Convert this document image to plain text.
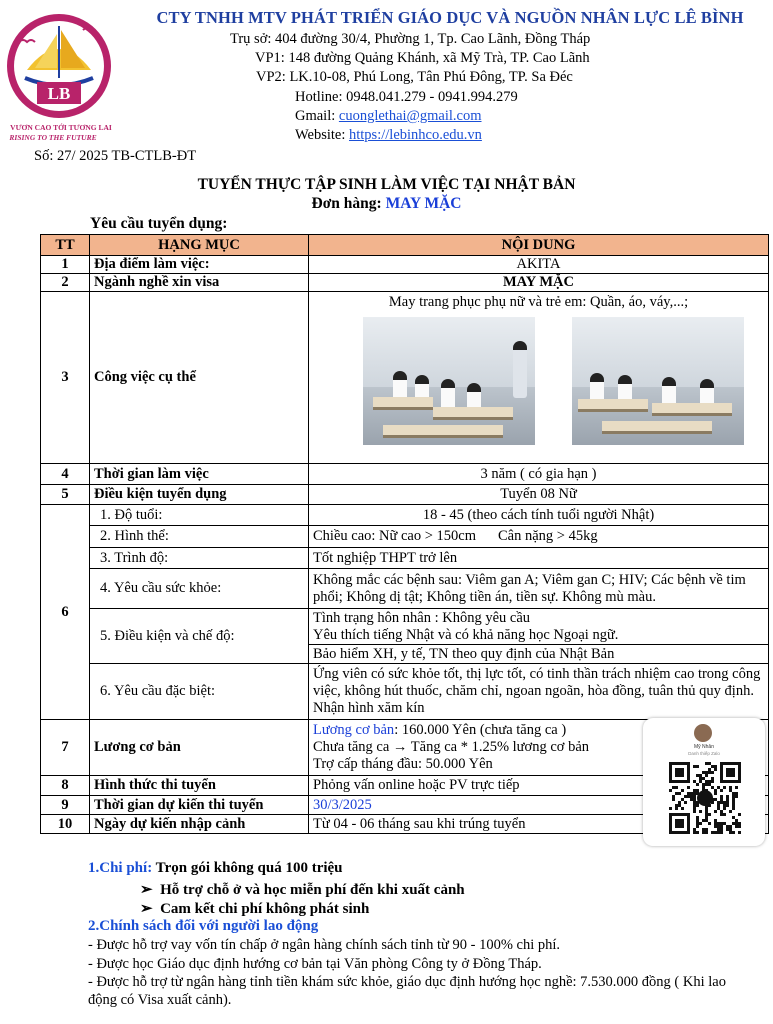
LB
VƯƠN CAO TỚI TƯƠNG LAI
RISING TO THE FUTURE
CTY TNHH MTV PHÁT TRIỂN GIÁO DỤC VÀ NGUỒN NHÂN LỰC LÊ BÌNH
Trụ sở: 404 đường 30/4, Phường 1, Tp. Cao Lãnh, Đồng Tháp
VP1: 148 đường Quảng Khánh, xã Mỹ Trà, TP. Cao Lãnh
VP2: LK.10-08, Phú Long, Tân Phú Đông, TP. Sa Đéc
Hotline: 0948.041.279 - 0941.994.279
Gmail: cuonglethai@gmail.com
Website: https://lebinhco.edu.vn
Số: 27/ 2025 TB-CTLB-ĐT
TUYỂN THỰC TẬP SINH LÀM VIỆC TẠI NHẬT BẢN
Đơn hàng: MAY MẶC
Yêu cầu tuyển dụng:
TT	HẠNG MỤC	NỘI DUNG
1	Địa điểm làm việc:	AKITA
2	Ngành nghề xin visa	MAY MẶC
3	Công việc cụ thể	May trang phục phụ nữ và trẻ em: Quần, áo, váy,...;

4	Thời gian làm việc	3 năm ( có gia hạn )
5	Điều kiện tuyển dụng	Tuyển 08 Nữ
6	1. Độ tuổi:	18 - 45 (theo cách tính tuổi người Nhật)
	2. Hình thể:	Chiều cao: Nữ cao > 150cm Cân nặng > 45kg
	3. Trình độ:	Tốt nghiệp THPT trở lên
	4. Yêu cầu sức khỏe:	Không mắc các bệnh sau: Viêm gan A; Viêm gan C; HIV; Các bệnh về tim phổi; Không dị tật; Không tiền án, tiền sự. Không mù màu.
	5. Điều kiện và chế độ:	Tình trạng hôn nhân : Không yêu cầu
Yêu thích tiếng Nhật và có khả năng học Ngoại ngữ.

		Bảo hiểm XH, y tế, TN theo quy định của Nhật Bản
	6. Yêu cầu đặc biệt:	Ứng viên có sức khỏe tốt, thị lực tốt, có tinh thần trách nhiệm cao trong công việc, không hút thuốc, chăm chỉ, ngoan ngoãn, hòa đồng, tuân thủ quy định. Nhận hình xăm kín
7	Lương cơ bản	Lương cơ bản: 160.000 Yên (chưa tăng ca )
Chưa tăng ca → Tăng ca * 1.25% lương cơ bản
Trợ cấp tháng đầu: 50.000 Yên

8	Hình thức thi tuyển	Phỏng vấn online hoặc PV trực tiếp
9	Thời gian dự kiến thi tuyển	30/3/2025
10	Ngày dự kiến nhập cảnh	Từ 04 - 06 tháng sau khi trúng tuyển
Mỹ Nhân
Danh thiếp Zalo
1.Chi phí: Trọn gói không quá 100 triệu
➢ Hỗ trợ chỗ ở và học miễn phí đến khi xuất cảnh
➢ Cam kết chi phí không phát sinh
2.Chính sách đối với người lao động
- Được hỗ trợ vay vốn tín chấp ở ngân hàng chính sách tỉnh từ 90 - 100% chi phí.
- Được học Giáo dục định hướng cơ bản tại Văn phòng Công ty ở Đồng Tháp.
- Được hỗ trợ từ ngân hàng tỉnh tiền khám sức khỏe, giáo dục định hướng học nghề: 7.530.000 đồng ( Khi lao động có Visa xuất cảnh).
